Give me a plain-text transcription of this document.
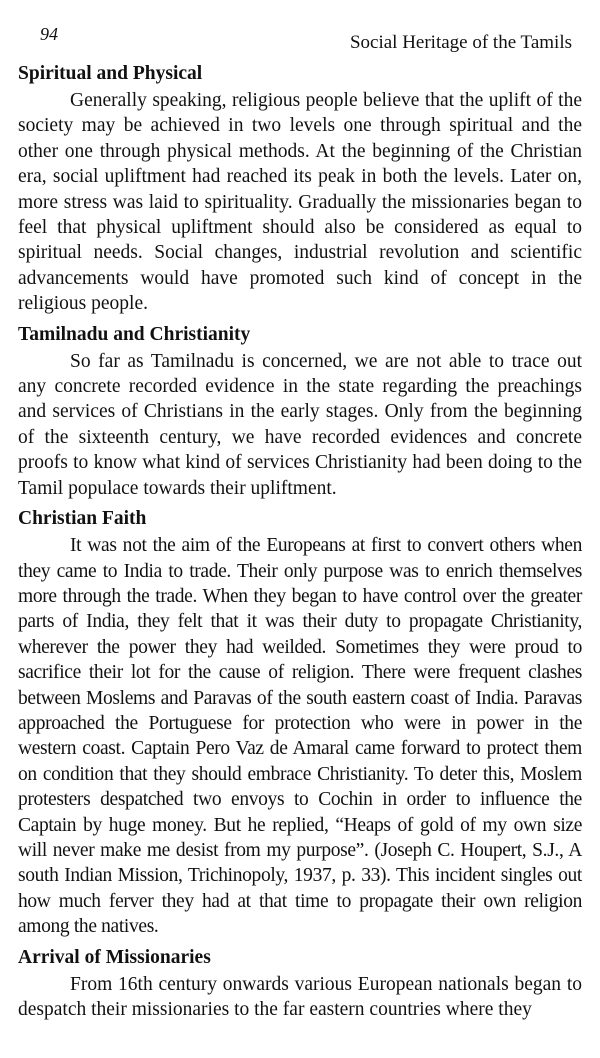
94	Social Heritage of the Tamils
Spiritual and Physical

Generally speaking, religious people believe that the uplift of the society may be achieved in two levels one through spiritual and the other one through physical methods. At the beginning of the Christian era, social upliftment had reached its peak in both the levels. Later on, more stress was laid to spirituality. Gradually the missionaries began to feel that physical upliftment should also be considered as equal to spiritual needs. Social changes, industrial revolution and scientific advancements would have promoted such kind of concept in the religious people.

Tamilnadu and Christianity

So far as Tamilnadu is concerned, we are not able to trace out any concrete recorded evidence in the state regarding the preachings and services of Christians in the early stages. Only from the beginning of the sixteenth century, we have recorded evidences and concrete proofs to know what kind of services Christianity had been doing to the Tamil populace towards their upliftment.

Christian Faith

It was not the aim of the Europeans at first to convert others when they came to India to trade. Their only purpose was to enrich themselves more through the trade. When they began to have control over the greater parts of India, they felt that it was their duty to propagate Christianity, wherever the power they had weilded. Sometimes they were proud to sacrifice their lot for the cause of religion. There were frequent clashes between Moslems and Paravas of the south eastern coast of India. Paravas approached the Portuguese for protection who were in power in the western coast. Captain Pero Vaz de Amaral came forward to protect them on condition that they should embrace Christianity. To deter this, Moslem protesters despatched two envoys to Cochin in order to influence the Captain by huge money. But he replied, “Heaps of gold of my own size will never make me desist from my purpose”. (Joseph C. Houpert, S.J., A south Indian Mission, Trichinopoly, 1937, p. 33). This incident singles out how much ferver they had at that time to propagate their own religion among the natives.

Arrival of Missionaries

From 16th century onwards various European nationals began to despatch their missionaries to the far eastern countries where they
